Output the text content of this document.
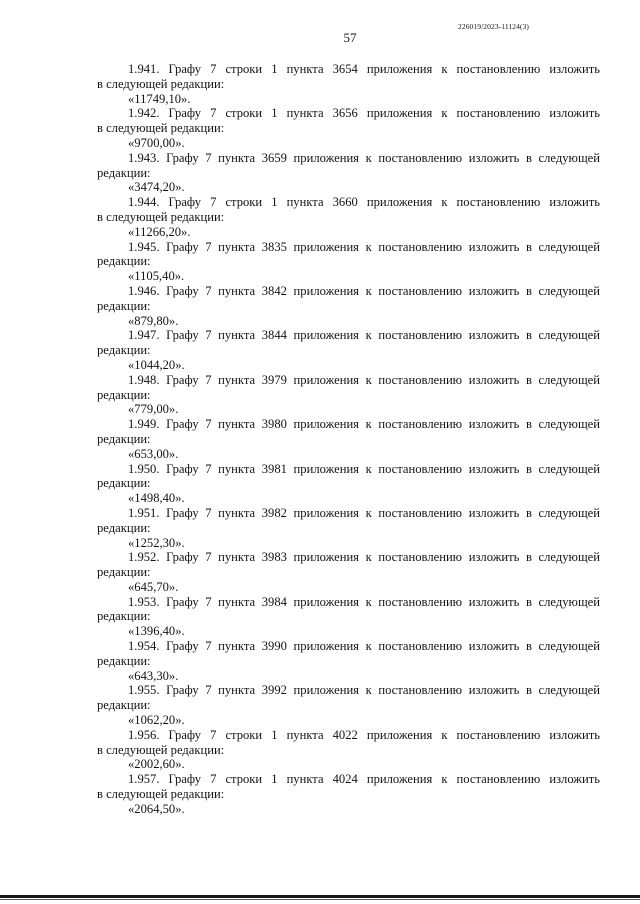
226019/2023-11124(3)
57
1.941. Графу 7 строки 1 пункта 3654 приложения к постановлению изложить
в следующей редакции:
«11749,10».
1.942. Графу 7 строки 1 пункта 3656 приложения к постановлению изложить
в следующей редакции:
«9700,00».
1.943. Графу 7 пункта 3659 приложения к постановлению изложить в следующей
редакции:
«3474,20».
1.944. Графу 7 строки 1 пункта 3660 приложения к постановлению изложить
в следующей редакции:
«11266,20».
1.945. Графу 7 пункта 3835 приложения к постановлению изложить в следующей
редакции:
«1105,40».
1.946. Графу 7 пункта 3842 приложения к постановлению изложить в следующей
редакции:
«879,80».
1.947. Графу 7 пункта 3844 приложения к постановлению изложить в следующей
редакции:
«1044,20».
1.948. Графу 7 пункта 3979 приложения к постановлению изложить в следующей
редакции:
«779,00».
1.949. Графу 7 пункта 3980 приложения к постановлению изложить в следующей
редакции:
«653,00».
1.950. Графу 7 пункта 3981 приложения к постановлению изложить в следующей
редакции:
«1498,40».
1.951. Графу 7 пункта 3982 приложения к постановлению изложить в следующей
редакции:
«1252,30».
1.952. Графу 7 пункта 3983 приложения к постановлению изложить в следующей
редакции:
«645,70».
1.953. Графу 7 пункта 3984 приложения к постановлению изложить в следующей
редакции:
«1396,40».
1.954. Графу 7 пункта 3990 приложения к постановлению изложить в следующей
редакции:
«643,30».
1.955. Графу 7 пункта 3992 приложения к постановлению изложить в следующей
редакции:
«1062,20».
1.956. Графу 7 строки 1 пункта 4022 приложения к постановлению изложить
в следующей редакции:
«2002,60».
1.957. Графу 7 строки 1 пункта 4024 приложения к постановлению изложить
в следующей редакции:
«2064,50».
